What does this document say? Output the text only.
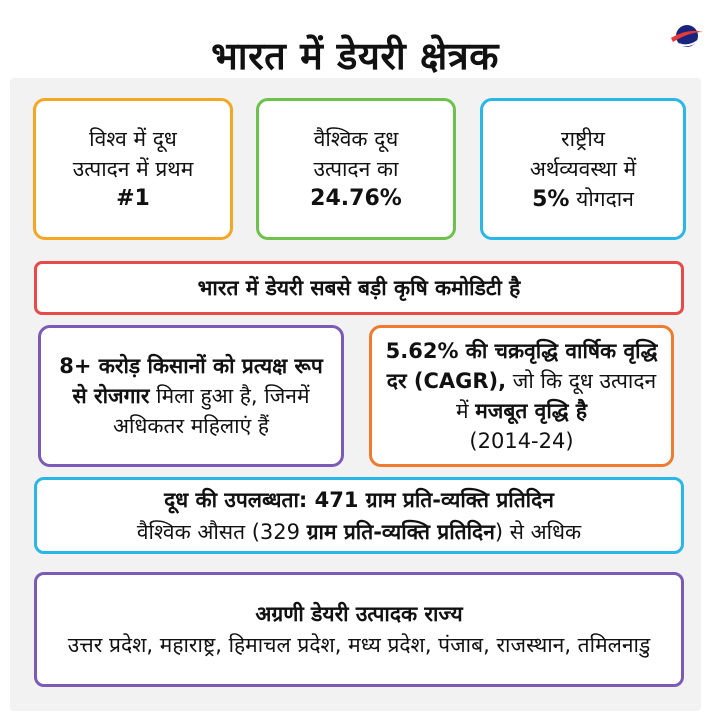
भारत में डेयरी क्षेत्रक
विश्व में दूध
उत्पादन में प्रथम
#1
वैश्विक दूध
उत्पादन का
24.76%
राष्ट्रीय
अर्थव्यवस्था में
5% योगदान
भारत में डेयरी सबसे बड़ी कृषि कमोडिटी है

8+ करोड़ किसानों को प्रत्यक्ष रूप से रोजगार मिला हुआ है, जिनमें अधिकतर महिलाएं हैं

5.62% की चक्रवृद्धि वार्षिक वृद्धि दर (CAGR), जो कि दूध उत्पादन में मजबूत वृद्धि है

(2014-24)

दूध की उपलब्धता: 471 ग्राम प्रति-व्यक्ति प्रतिदिन

वैश्विक औसत (329 ग्राम प्रति-व्यक्ति प्रतिदिन) से अधिक

अग्रणी डेयरी उत्पादक राज्य

उत्तर प्रदेश, महाराष्ट्र, हिमाचल प्रदेश, मध्य प्रदेश, पंजाब, राजस्थान, तमिलनाडु
